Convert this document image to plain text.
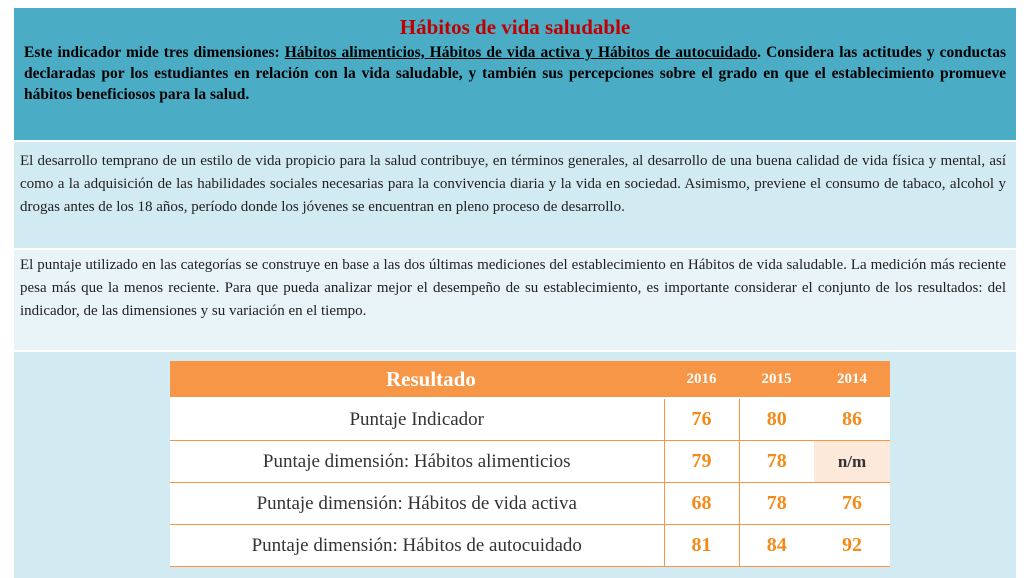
Hábitos de vida saludable

Este indicador mide tres dimensiones: Hábitos alimenticios, Hábitos de vida activa y Hábitos de autocuidado. Considera las actitudes y conductas declaradas por los estudiantes en relación con la vida saludable, y también sus percepciones sobre el grado en que el establecimiento promueve hábitos beneficiosos para la salud.

El desarrollo temprano de un estilo de vida propicio para la salud contribuye, en términos generales, al desarrollo de una buena calidad de vida física y mental, así como a la adquisición de las habilidades sociales necesarias para la convivencia diaria y la vida en sociedad. Asimismo, previene el consumo de tabaco, alcohol y drogas antes de los 18 años, período donde los jóvenes se encuentran en pleno proceso de desarrollo.

El puntaje utilizado en las categorías se construye en base a las dos últimas mediciones del establecimiento en Hábitos de vida saludable. La medición más reciente pesa más que la menos reciente. Para que pueda analizar mejor el desempeño de su establecimiento, es importante considerar el conjunto de los resultados: del indicador, de las dimensiones y su variación en el tiempo.

Resultado	2016	2015	2014
Puntaje Indicador	76	80	86
Puntaje dimensión: Hábitos alimenticios	79	78	n/m
Puntaje dimensión: Hábitos de vida activa	68	78	76
Puntaje dimensión: Hábitos de autocuidado	81	84	92
